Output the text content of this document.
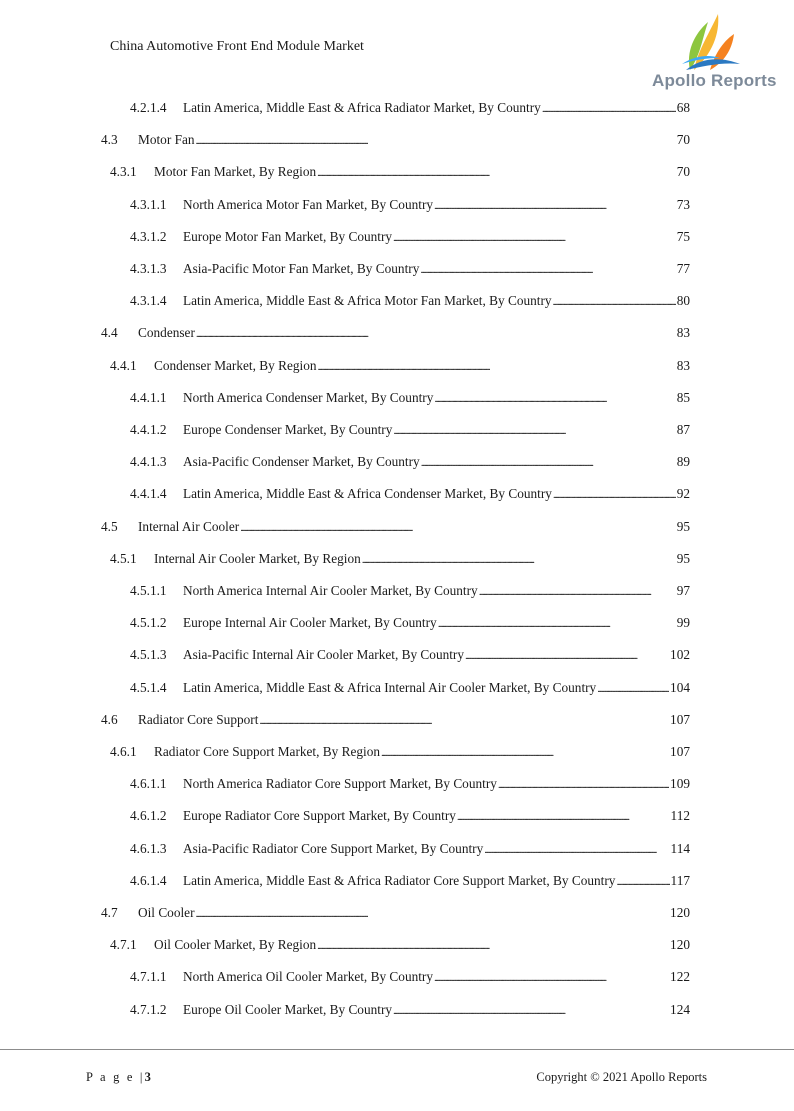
China Automotive Front End Module Market
Apollo Reports
4.2.1.4	Latin America, Middle East & Africa Radiator Market, By Country . . .	68
4.3	Motor Fan . . .	70
4.3.1	Motor Fan Market, By Region . . .	70
4.3.1.1	North America Motor Fan Market, By Country . . .	73
4.3.1.2	Europe Motor Fan Market, By Country . . .	75
4.3.1.3	Asia-Pacific Motor Fan Market, By Country . . .	77
4.3.1.4	Latin America, Middle East & Africa Motor Fan Market, By Country . . .	80
4.4	Condenser . . .	83
4.4.1	Condenser Market, By Region . . .	83
4.4.1.1	North America Condenser Market, By Country . . .	85
4.4.1.2	Europe Condenser Market, By Country . . .	87
4.4.1.3	Asia-Pacific Condenser Market, By Country . . .	89
4.4.1.4	Latin America, Middle East & Africa Condenser Market, By Country . . .	92
4.5	Internal Air Cooler . . .	95
4.5.1	Internal Air Cooler Market, By Region . . .	95
4.5.1.1	North America Internal Air Cooler Market, By Country . . .	97
4.5.1.2	Europe Internal Air Cooler Market, By Country . . .	99
4.5.1.3	Asia-Pacific Internal Air Cooler Market, By Country . . .	102
4.5.1.4	Latin America, Middle East & Africa Internal Air Cooler Market, By Country . . .	104
4.6	Radiator Core Support . . .	107
4.6.1	Radiator Core Support Market, By Region . . .	107
4.6.1.1	North America Radiator Core Support Market, By Country . . .	109
4.6.1.2	Europe Radiator Core Support Market, By Country . . .	112
4.6.1.3	Asia-Pacific Radiator Core Support Market, By Country . . .	114
4.6.1.4	Latin America, Middle East & Africa Radiator Core Support Market, By Country . . .	117
4.7	Oil Cooler . . .	120
4.7.1	Oil Cooler Market, By Region . . .	120
4.7.1.1	North America Oil Cooler Market, By Country . . .	122
4.7.1.2	Europe Oil Cooler Market, By Country . . .	124
P a g e |3	Copyright © 2021 Apollo Reports
